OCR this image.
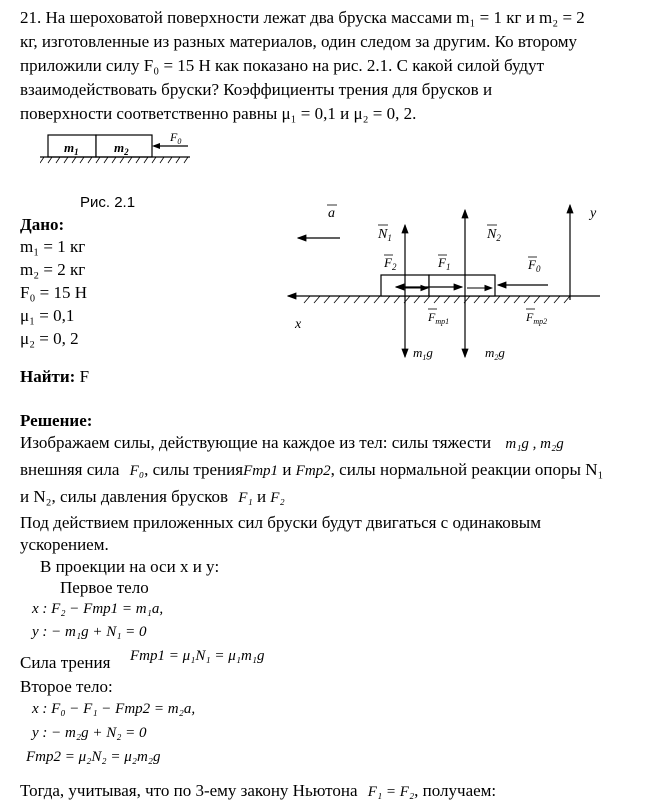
21. На шероховатой поверхности лежат два бруска массами m₁ = 1 кг и m₂ = 2
кг, изготовленные из разных материалов, один следом за другим. Ко второму
приложили силу F₀ = 15 Н как показано на рис. 2.1. С какой силой будут
взаимодействовать бруски? Коэффициенты трения для брусков и
поверхности соответственно равны μ₁ = 0,1 и μ₂ = 0, 2.
$m_1$	$m_2$
$F_0$
Рис. 2.1
Дано:
m₁ = 1 кг
m₂ = 2 кг
F₀ = 15 Н
μ₁ = 0,1
μ₂ = 0, 2
a	y
x
$N_1$	$N_2$
$F_2$	$F_1$	$F_0$
$F_{тр1}$	$F_{тр2}$
$m_1g$	$m_2g$
Найти: F
Решение:
Изображаем силы, действующие на каждое из тел: силы тяжести m₁g , m₂g
внешняя сила F₀, силы тренияFтр1 и Fтр2, силы нормальной реакции опоры N₁
и N₂, силы давления брусков F₁ и F₂
Под действием приложенных сил бруски будут двигаться с одинаковым
ускорением.
В проекции на оси x и y:
Первое тело
x : F₂ − Fтр1 = m₁a,
y : − m₁g + N₁ = 0
Сила трения Fтр1 = μ₁N₁ = μ₁m₁g
Второе тело:
x : F₀ − F₁ − Fтр2 = m₂a,
y : − m₂g + N₂ = 0
Fтр2 = μ₂N₂ = μ₂m₂g
Тогда, учитывая, что по 3-ему закону Ньютона F₁ = F₂, получаем:
